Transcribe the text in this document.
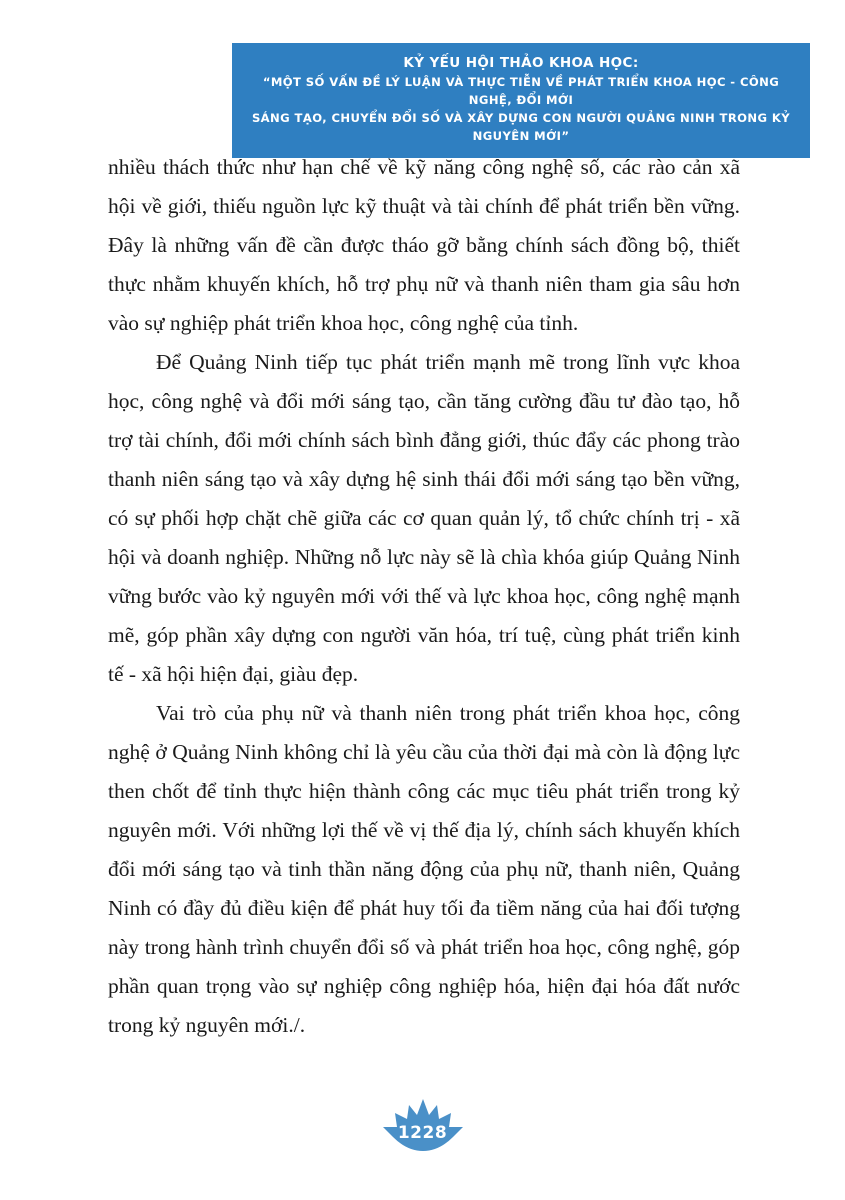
KỶ YẾU HỘI THẢO KHOA HỌC:
“MỘT SỐ VẤN ĐỀ LÝ LUẬN VÀ THỰC TIỄN VỀ PHÁT TRIỂN KHOA HỌC - CÔNG NGHỆ, ĐỔI MỚI
SÁNG TẠO, CHUYỂN ĐỔI SỐ VÀ XÂY DỰNG CON NGƯỜI QUẢNG NINH TRONG KỶ NGUYÊN MỚI”

nhiều thách thức như hạn chế về kỹ năng công nghệ số, các rào cản xã hội về giới, thiếu nguồn lực kỹ thuật và tài chính để phát triển bền vững. Đây là những vấn đề cần được tháo gỡ bằng chính sách đồng bộ, thiết thực nhằm khuyến khích, hỗ trợ phụ nữ và thanh niên tham gia sâu hơn vào sự nghiệp phát triển khoa học, công nghệ của tỉnh.

Để Quảng Ninh tiếp tục phát triển mạnh mẽ trong lĩnh vực khoa học, công nghệ và đổi mới sáng tạo, cần tăng cường đầu tư đào tạo, hỗ trợ tài chính, đổi mới chính sách bình đẳng giới, thúc đẩy các phong trào thanh niên sáng tạo và xây dựng hệ sinh thái đổi mới sáng tạo bền vững, có sự phối hợp chặt chẽ giữa các cơ quan quản lý, tổ chức chính trị - xã hội và doanh nghiệp. Những nỗ lực này sẽ là chìa khóa giúp Quảng Ninh vững bước vào kỷ nguyên mới với thế và lực khoa học, công nghệ mạnh mẽ, góp phần xây dựng con người văn hóa, trí tuệ, cùng phát triển kinh tế - xã hội hiện đại, giàu đẹp.

Vai trò của phụ nữ và thanh niên trong phát triển khoa học, công nghệ ở Quảng Ninh không chỉ là yêu cầu của thời đại mà còn là động lực then chốt để tỉnh thực hiện thành công các mục tiêu phát triển trong kỷ nguyên mới. Với những lợi thế về vị thế địa lý, chính sách khuyến khích đổi mới sáng tạo và tinh thần năng động của phụ nữ, thanh niên, Quảng Ninh có đầy đủ điều kiện để phát huy tối đa tiềm năng của hai đối tượng này trong hành trình chuyển đổi số và phát triển hoa học, công nghệ, góp phần quan trọng vào sự nghiệp công nghiệp hóa, hiện đại hóa đất nước trong kỷ nguyên mới./.

1228
